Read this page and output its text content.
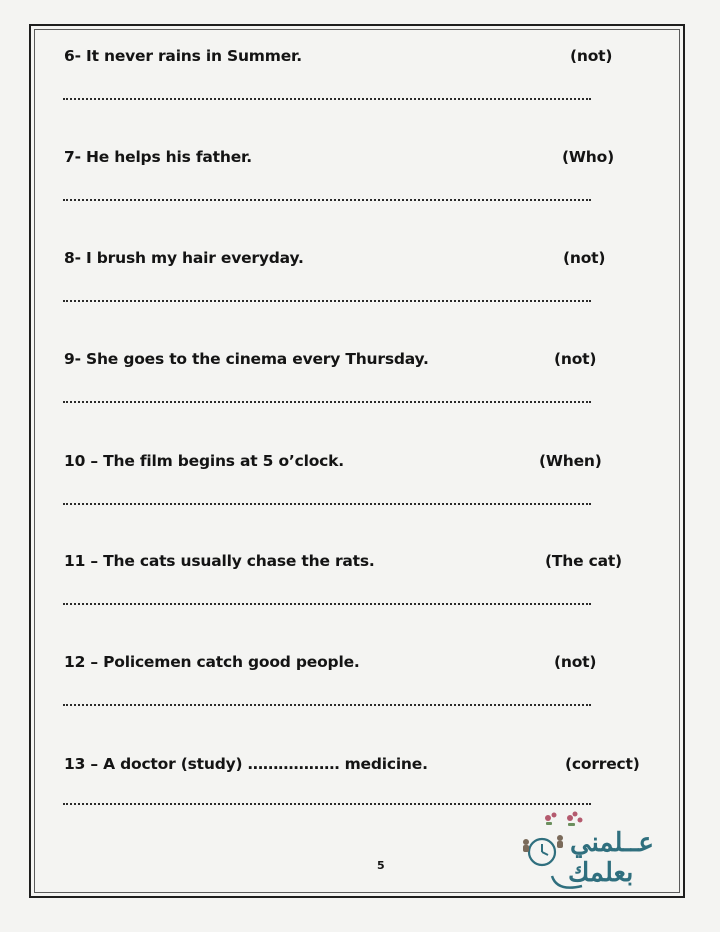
6- It never rains in Summer.	(not)
7- He helps his father.	(Who)
8- I brush my hair everyday.	(not)
9- She goes to the cinema every Thursday.	(not)
10 – The film begins at 5 o’clock.	(When)
11 – The cats usually chase the rats.	(The cat)
12 – Policemen catch good people.	(not)
13 – A doctor (study) ……………… medicine.	(correct)
5
عــلمني
بعلمك
